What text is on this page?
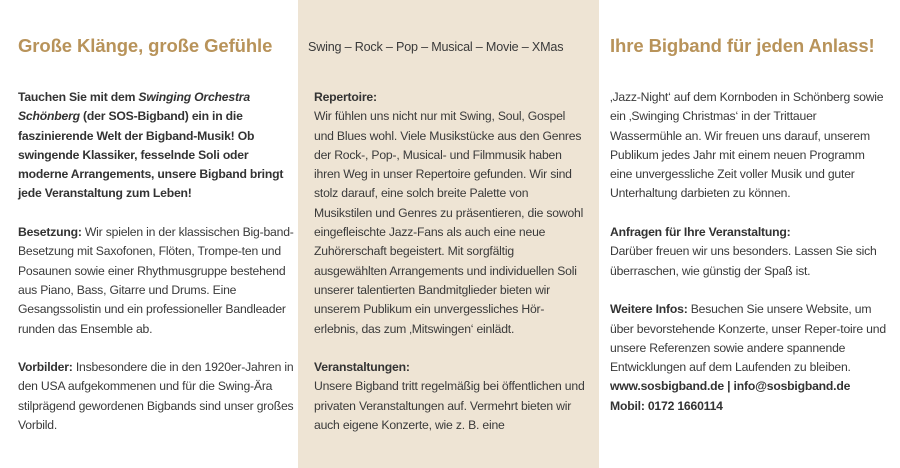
Große Klänge, große Gefühle

Tauchen Sie mit dem Swinging Orchestra Schönberg (der SOS-Bigband) ein in die faszinierende Welt der Bigband-Musik! Ob swingende Klassiker, fesselnde Soli oder moderne Arrangements, unsere Bigband bringt jede Veranstaltung zum Leben!

Besetzung: Wir spielen in der klassischen Big-band-Besetzung mit Saxofonen, Flöten, Trompe-ten und Posaunen sowie einer Rhythmusgruppe bestehend aus Piano, Bass, Gitarre und Drums. Eine Gesangssolistin und ein professioneller Bandleader runden das Ensemble ab.

Vorbilder: Insbesondere die in den 1920er-Jahren in den USA aufgekommenen und für die Swing-Ära stilprägend gewordenen Bigbands sind unser großes Vorbild.

Swing – Rock – Pop – Musical – Movie – XMas

Repertoire:
Wir fühlen uns nicht nur mit Swing, Soul, Gospel und Blues wohl. Viele Musikstücke aus den Genres der Rock-, Pop-, Musical- und Filmmusik haben ihren Weg in unser Repertoire gefunden. Wir sind stolz darauf, eine solch breite Palette von Musikstilen und Genres zu präsentieren, die sowohl eingefleischte Jazz-Fans als auch eine neue Zuhörerschaft begeistert. Mit sorgfältig ausgewählten Arrangements und individuellen Soli unserer talentierten Bandmitglieder bieten wir unserem Publikum ein unvergessliches Hör-erlebnis, das zum ‚Mitswingen‘ einlädt.

Veranstaltungen:
Unsere Bigband tritt regelmäßig bei öffentlichen und privaten Veranstaltungen auf. Vermehrt bieten wir auch eigene Konzerte, wie z. B. eine

Ihre Bigband für jeden Anlass!

‚Jazz-Night‘ auf dem Kornboden in Schönberg sowie ein ‚Swinging Christmas‘ in der Trittauer Wassermühle an. Wir freuen uns darauf, unserem Publikum jedes Jahr mit einem neuen Programm eine unvergessliche Zeit voller Musik und guter Unterhaltung darbieten zu können.

Anfragen für Ihre Veranstaltung:
Darüber freuen wir uns besonders. Lassen Sie sich überraschen, wie günstig der Spaß ist.

Weitere Infos: Besuchen Sie unsere Website, um über bevorstehende Konzerte, unser Reper-toire und unsere Referenzen sowie andere spannende Entwicklungen auf dem Laufenden zu bleiben.

www.sosbigband.de | info@sosbigband.de

Mobil: 0172 1660114
